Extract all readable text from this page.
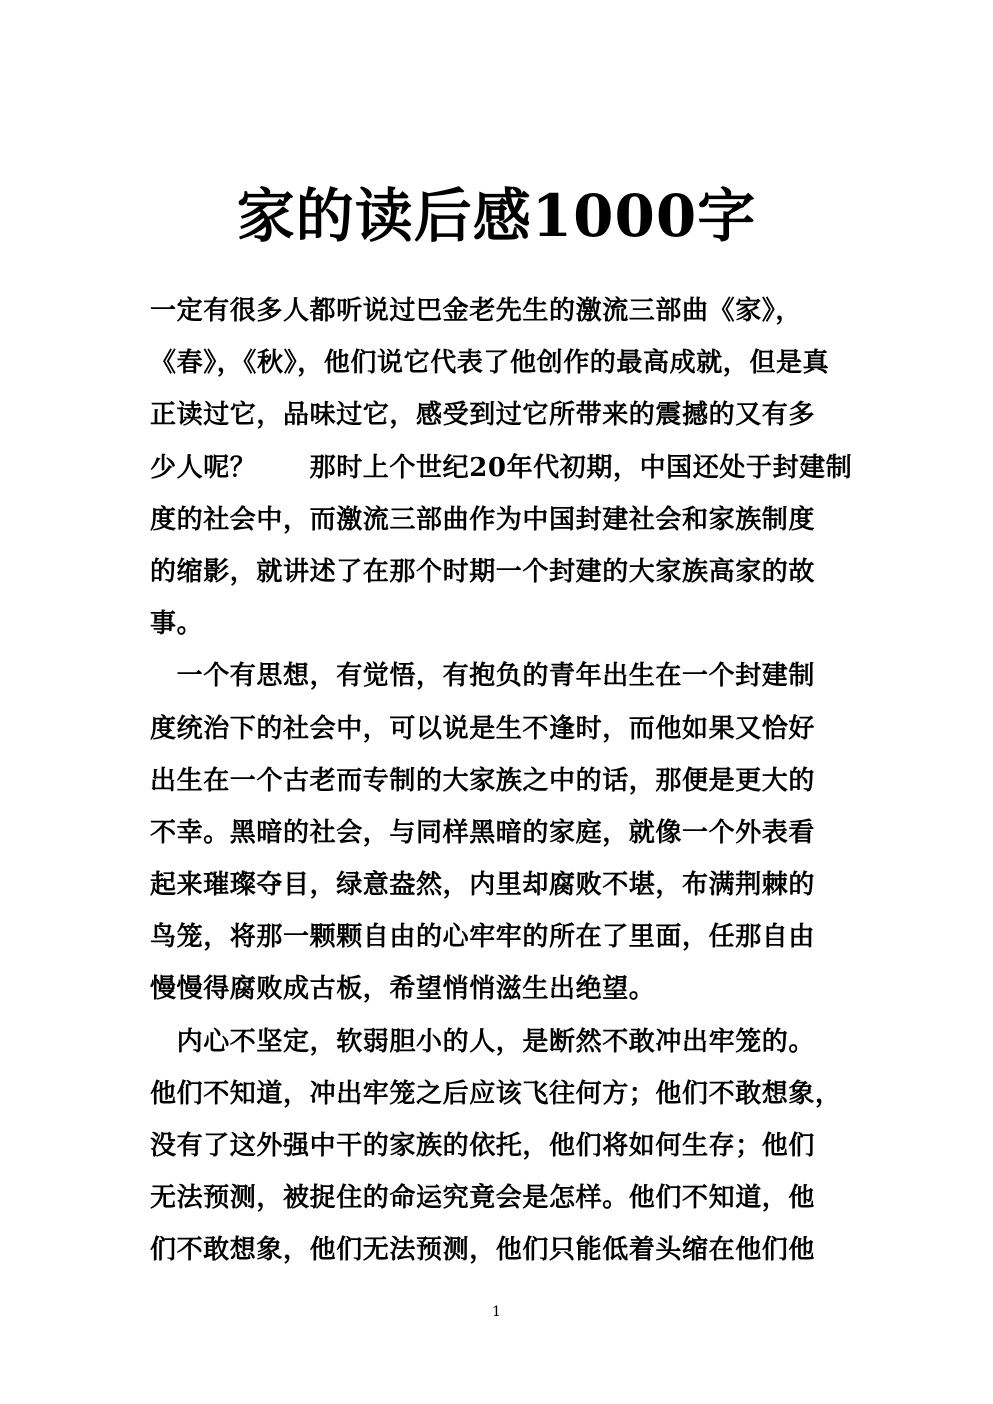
家的读后感1000字
一定有很多人都听说过巴金老先生的激流三部曲《家》，
《春》，《秋》，他们说它代表了他创作的最高成就，但是真
正读过它，品味过它，感受到过它所带来的震撼的又有多
少人呢？　　那时上个世纪20年代初期，中国还处于封建制
度的社会中，而激流三部曲作为中国封建社会和家族制度
的缩影，就讲述了在那个时期一个封建的大家族高家的故
事。
　一个有思想，有觉悟，有抱负的青年出生在一个封建制
度统治下的社会中，可以说是生不逢时，而他如果又恰好
出生在一个古老而专制的大家族之中的话，那便是更大的
不幸。黑暗的社会，与同样黑暗的家庭，就像一个外表看
起来璀璨夺目，绿意盎然，内里却腐败不堪，布满荆棘的
鸟笼，将那一颗颗自由的心牢牢的所在了里面，任那自由
慢慢得腐败成古板，希望悄悄滋生出绝望。
　内心不坚定，软弱胆小的人，是断然不敢冲出牢笼的。
他们不知道，冲出牢笼之后应该飞往何方；他们不敢想象，
没有了这外强中干的家族的依托，他们将如何生存；他们
无法预测，被捉住的命运究竟会是怎样。他们不知道，他
们不敢想象，他们无法预测，他们只能低着头缩在他们他
1
